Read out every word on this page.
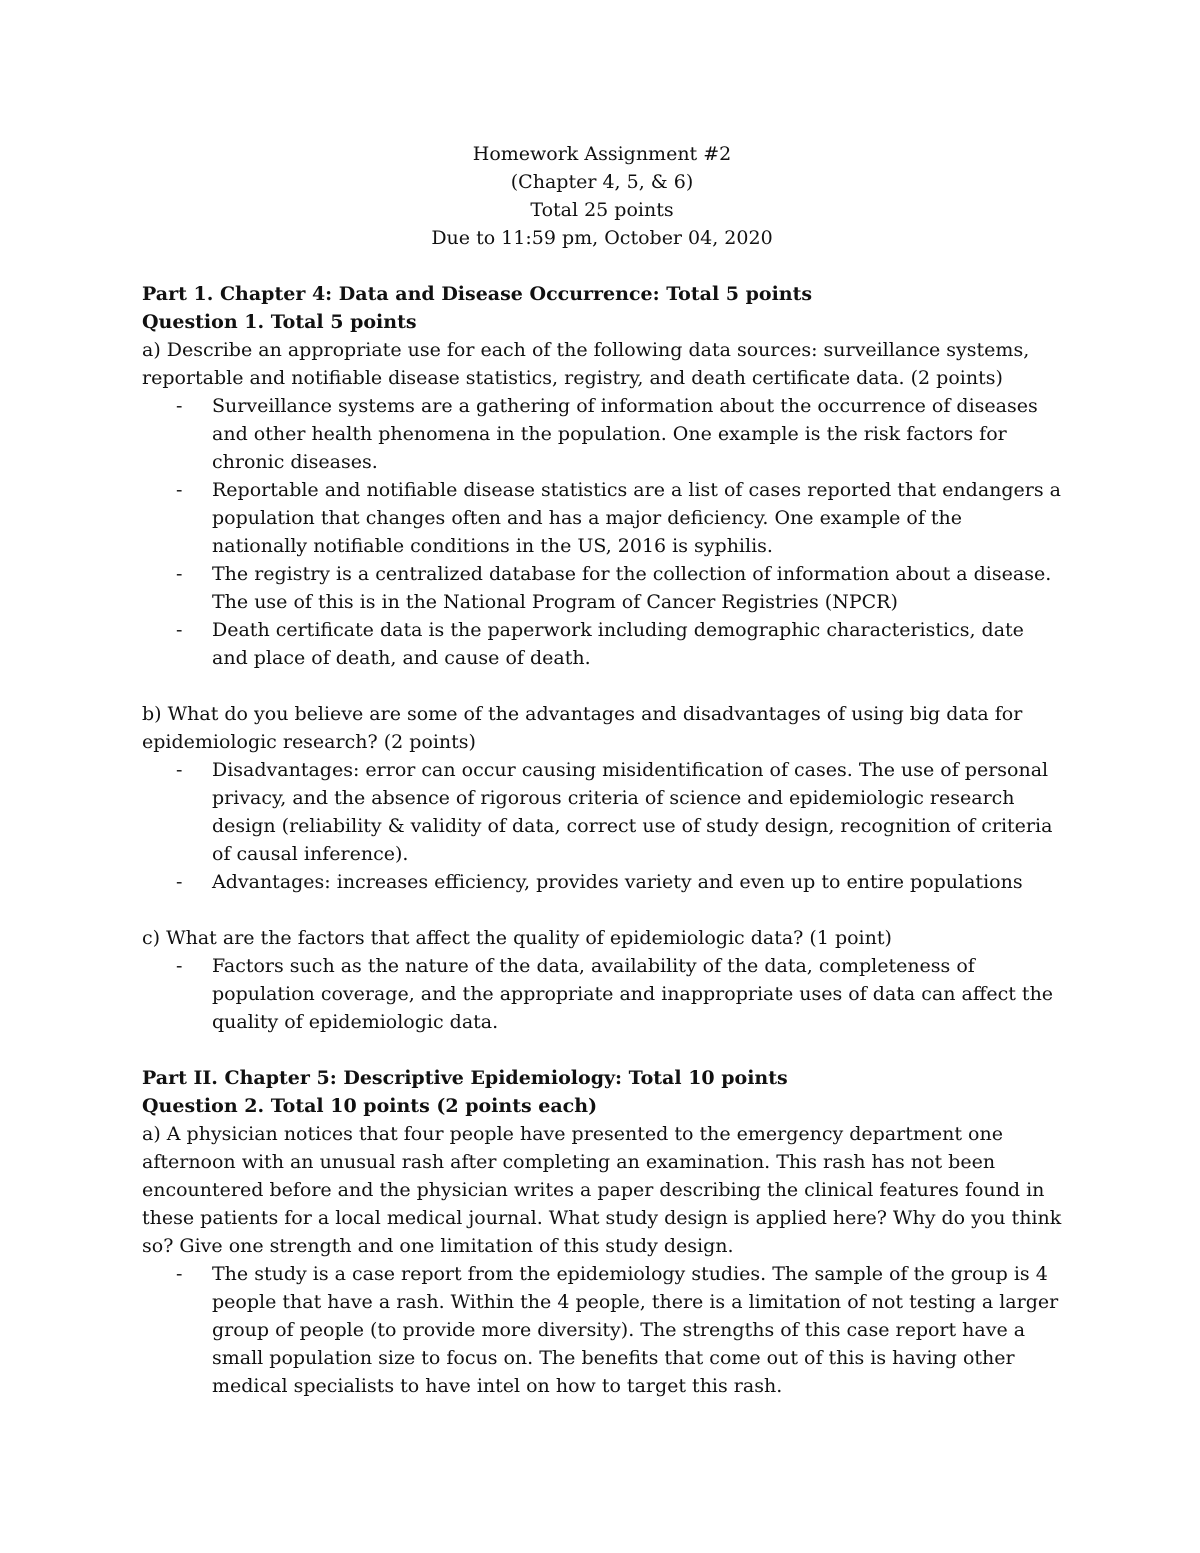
Homework Assignment #2
(Chapter 4, 5, & 6)
Total 25 points
Due to 11:59 pm, October 04, 2020
Part 1. Chapter 4: Data and Disease Occurrence: Total 5 points
Question 1. Total 5 points
a) Describe an appropriate use for each of the following data sources: surveillance systems, reportable and notifiable disease statistics, registry, and death certificate data. (2 points)
- Surveillance systems are a gathering of information about the occurrence of diseases and other health phenomena in the population. One example is the risk factors for chronic diseases.
- Reportable and notifiable disease statistics are a list of cases reported that endangers a population that changes often and has a major deficiency. One example of the nationally notifiable conditions in the US, 2016 is syphilis.
- The registry is a centralized database for the collection of information about a disease. The use of this is in the National Program of Cancer Registries (NPCR)
- Death certificate data is the paperwork including demographic characteristics, date and place of death, and cause of death.
b) What do you believe are some of the advantages and disadvantages of using big data for epidemiologic research? (2 points)
- Disadvantages: error can occur causing misidentification of cases. The use of personal privacy, and the absence of rigorous criteria of science and epidemiologic research design (reliability & validity of data, correct use of study design, recognition of criteria of causal inference).
- Advantages: increases efficiency, provides variety and even up to entire populations
c) What are the factors that affect the quality of epidemiologic data? (1 point)
- Factors such as the nature of the data, availability of the data, completeness of population coverage, and the appropriate and inappropriate uses of data can affect the quality of epidemiologic data.
Part II. Chapter 5: Descriptive Epidemiology: Total 10 points
Question 2. Total 10 points (2 points each)
a) A physician notices that four people have presented to the emergency department one afternoon with an unusual rash after completing an examination. This rash has not been encountered before and the physician writes a paper describing the clinical features found in these patients for a local medical journal. What study design is applied here? Why do you think so? Give one strength and one limitation of this study design.
- The study is a case report from the epidemiology studies. The sample of the group is 4 people that have a rash. Within the 4 people, there is a limitation of not testing a larger group of people (to provide more diversity). The strengths of this case report have a small population size to focus on. The benefits that come out of this is having other medical specialists to have intel on how to target this rash.
